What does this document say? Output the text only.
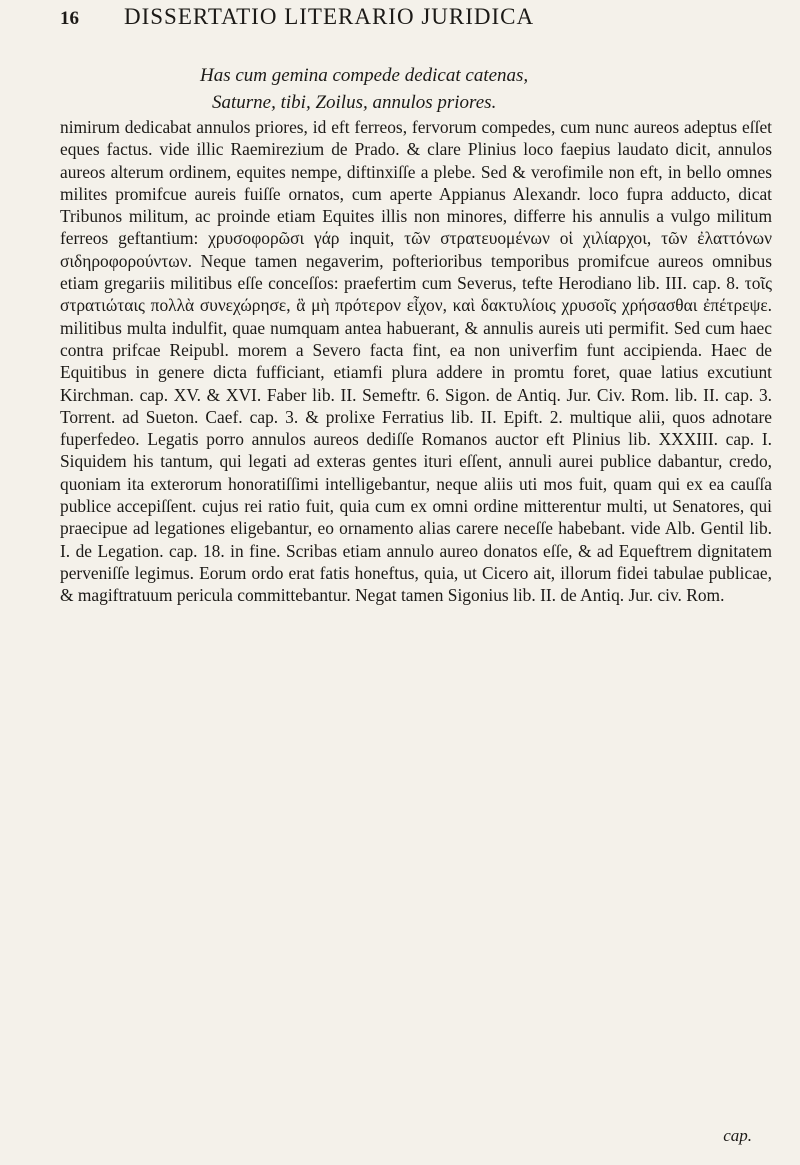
16	DISSERTATIO LITERARIO JURIDICA
Has cum gemina compede dedicat catenas,
Saturne, tibi, Zoilus, annulos priores.

nimirum dedicabat annulos priores, id eft ferreos, fervorum compedes, cum nunc aureos adeptus eſſet eques factus. vide illic Raemirezium de Prado. & clare Plinius loco faepius laudato dicit, annulos aureos alterum ordinem, equites nempe, diftinxiſſe a plebe. Sed & verofimile non eft, in bello omnes milites promifcue aureis fuiſſe ornatos, cum aperte Appianus Alexandr. loco fupra adducto, dicat Tribunos militum, ac proinde etiam Equites illis non minores, differre his annulis a vulgo militum ferreos geftantium: χρυσοφορῶσι γάρ inquit, τῶν στρατευομένων οἱ χιλίαρχοι, τῶν ἐλαττόνων σιδηροφορούντων. Neque tamen negaverim, pofterioribus temporibus promifcue aureos omnibus etiam gregariis militibus eſſe conceſſos: praefertim cum Severus, tefte Herodiano lib. III. cap. 8. τοῖς στρατιώταις πολλὰ συνεχώρησε, ἃ μὴ πρότερον εἶχον, καὶ δακτυλίοις χρυσοῖς χρήσασθαι ἐπέτρεψε. militibus multa indulfit, quae numquam antea habuerant, & annulis aureis uti permifit. Sed cum haec contra prifcae Reipubl. morem a Severo facta fint, ea non univerfim funt accipienda. Haec de Equitibus in genere dicta fufficiant, etiamfi plura addere in promtu foret, quae latius excutiunt Kirchman. cap. XV. & XVI. Faber lib. II. Semeftr. 6. Sigon. de Antiq. Jur. Civ. Rom. lib. II. cap. 3. Torrent. ad Sueton. Caef. cap. 3. & prolixe Ferratius lib. II. Epift. 2. multique alii, quos adnotare fuperfedeo. Legatis porro annulos aureos dediſſe Romanos auctor eft Plinius lib. XXXIII. cap. I. Siquidem his tantum, qui legati ad exteras gentes ituri eſſent, annuli aurei publice dabantur, credo, quoniam ita exterorum honoratiſſimi intelligebantur, neque aliis uti mos fuit, quam qui ex ea cauſſa publice accepiſſent. cujus rei ratio fuit, quia cum ex omni ordine mitterentur multi, ut Senatores, qui praecipue ad legationes eligebantur, eo ornamento alias carere neceſſe habebant. vide Alb. Gentil lib. I. de Legation. cap. 18. in fine. Scribas etiam annulo aureo donatos eſſe, & ad Equeftrem dignitatem perveniſſe legimus. Eorum ordo erat fatis honeftus, quia, ut Cicero ait, illorum fidei tabulae publicae, & magiftratuum pericula committebantur. Negat tamen Sigonius lib. II. de Antiq. Jur. civ. Rom.

cap.
